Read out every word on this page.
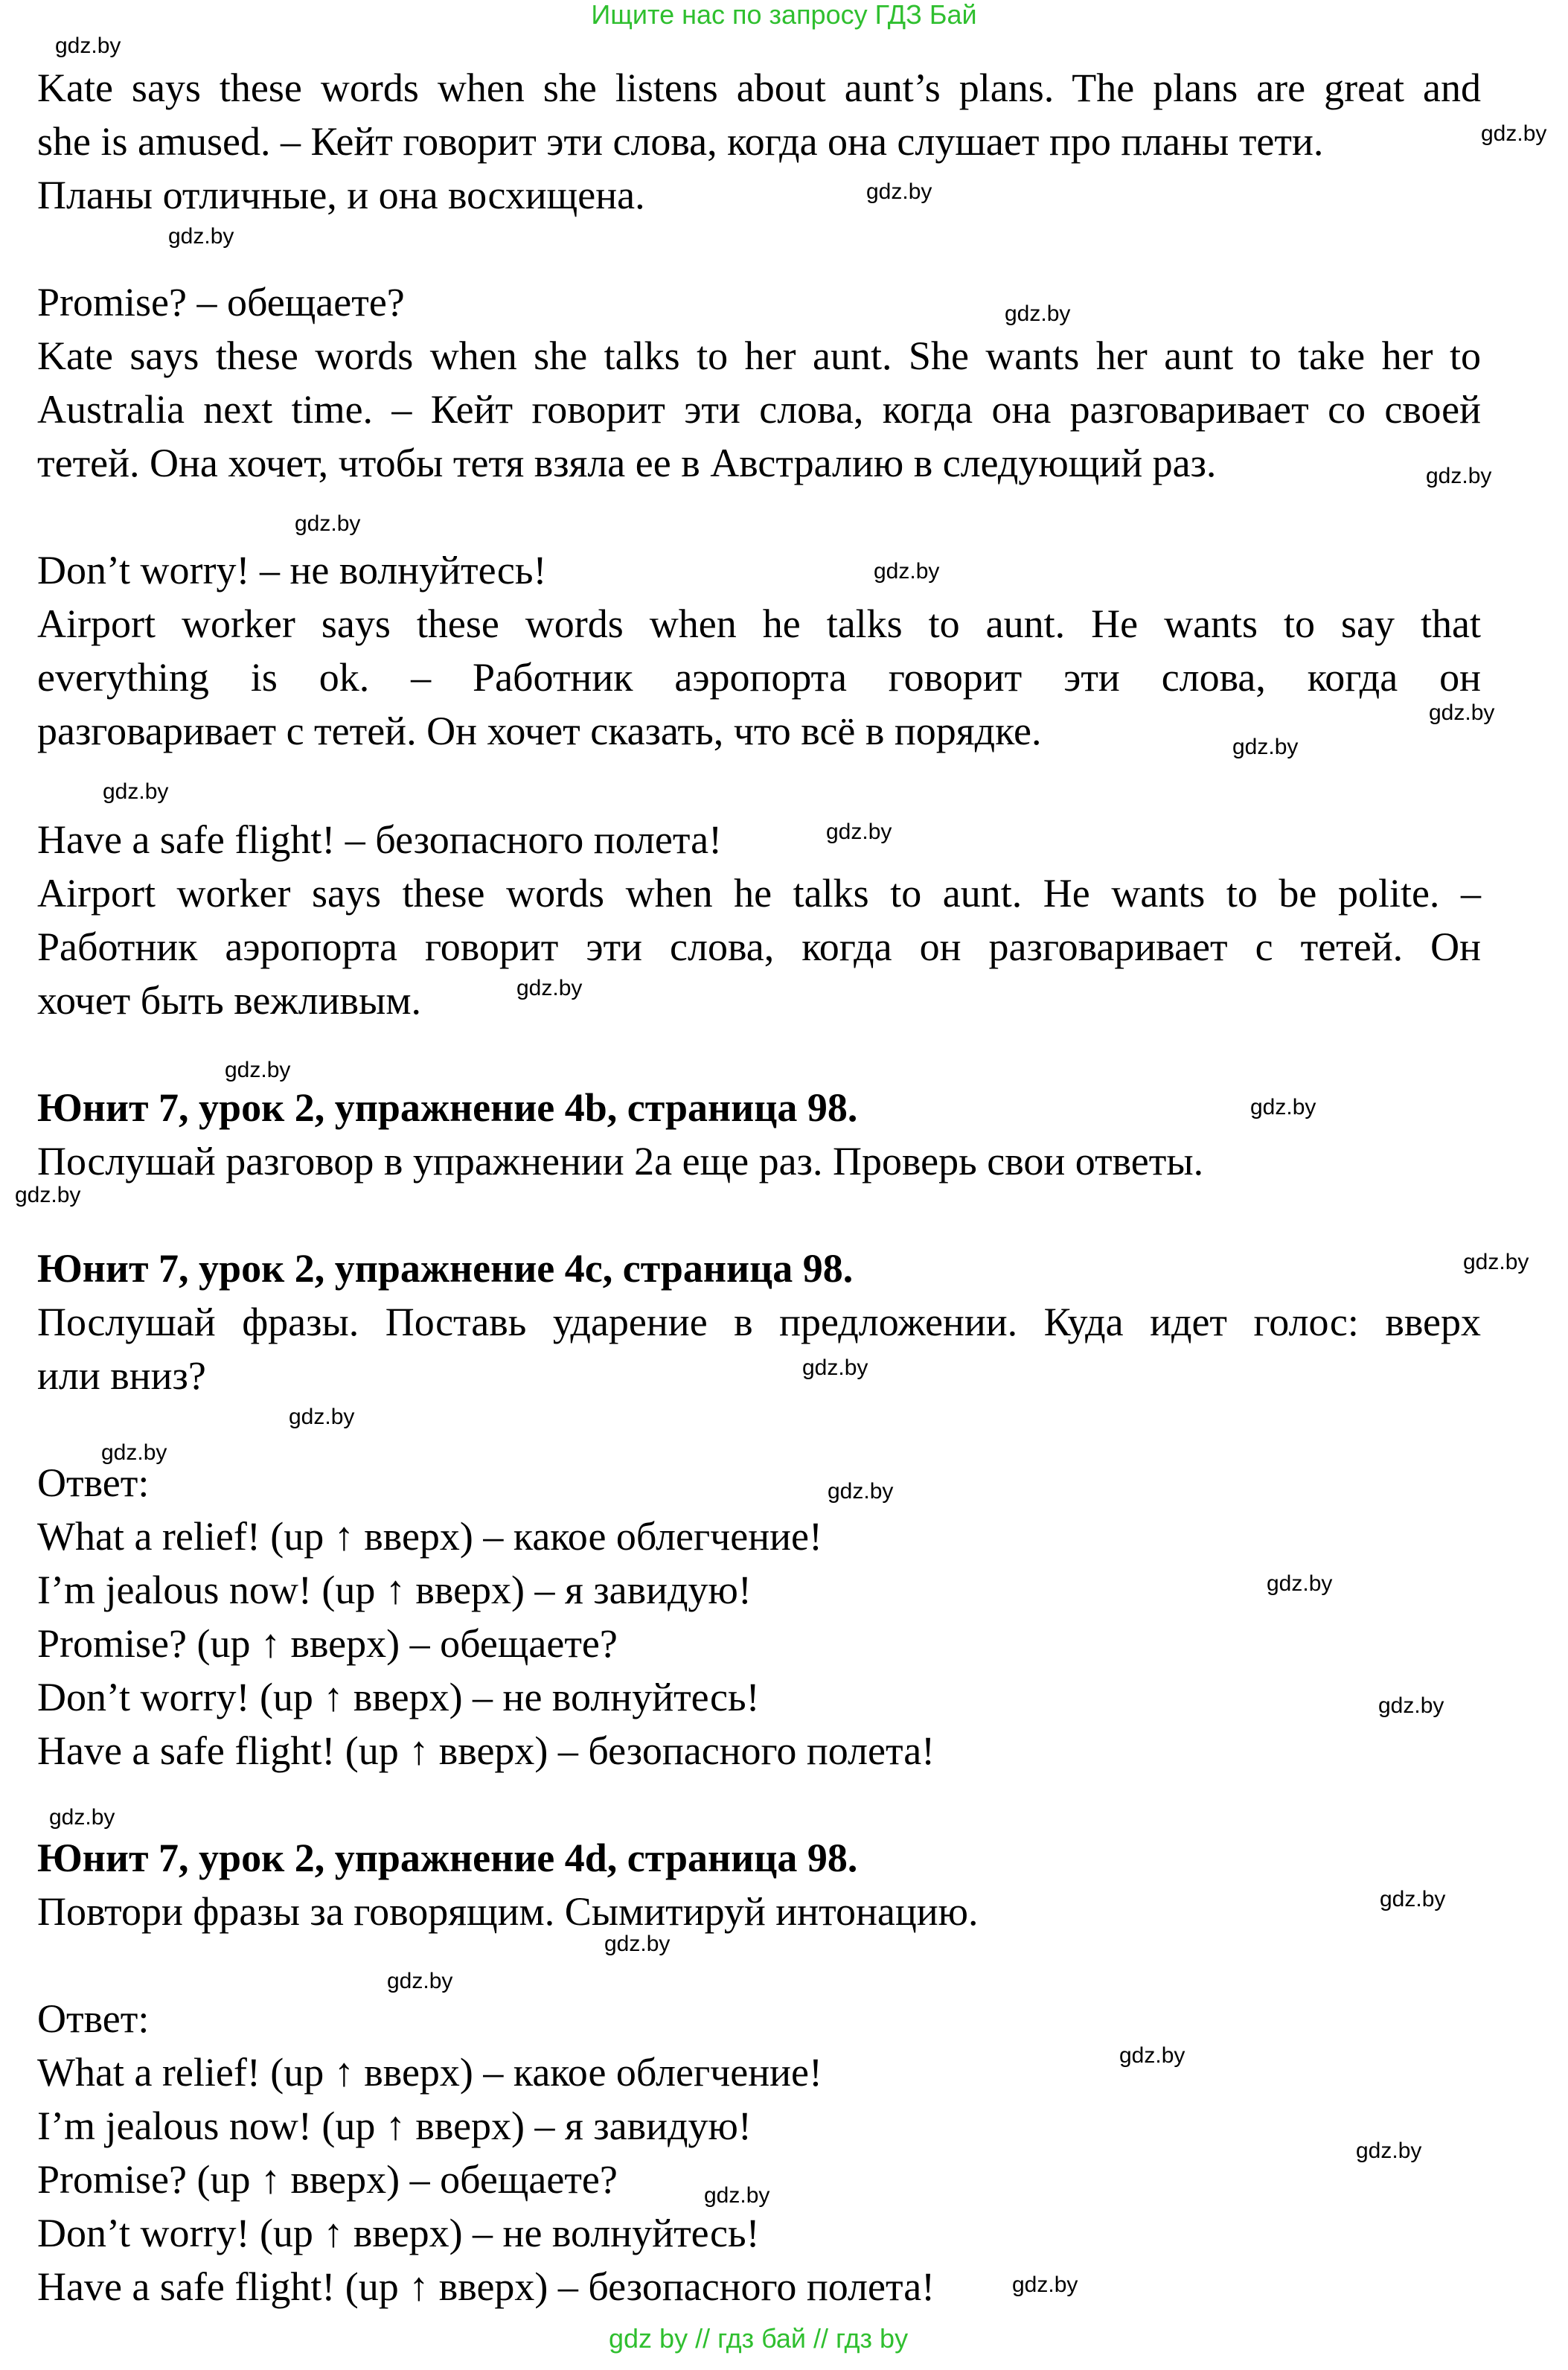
Ищите нас по запросу ГДЗ Бай
Kate says these words when she listens about aunt’s plans. The plans are great and
she is amused. – Кейт говорит эти слова, когда она слушает про планы тети.
Планы отличные, и она восхищена.
Promise? – обещаете?
Kate says these words when she talks to her aunt. She wants her aunt to take her to
Australia next time. – Кейт говорит эти слова, когда она разговаривает со своей
тетей. Она хочет, чтобы тетя взяла ее в Австралию в следующий раз.
Don’t worry! – не волнуйтесь!
Airport worker says these words when he talks to aunt. He wants to say that
everything is ok. – Работник аэропорта говорит эти слова, когда он
разговаривает с тетей. Он хочет сказать, что всё в порядке.
Have a safe flight! – безопасного полета!
Airport worker says these words when he talks to aunt. He wants to be polite. –
Работник аэропорта говорит эти слова, когда он разговаривает с тетей. Он
хочет быть вежливым.
Юнит 7, урок 2, упражнение 4b, страница 98.
Послушай разговор в упражнении 2а еще раз. Проверь свои ответы.
Юнит 7, урок 2, упражнение 4c, страница 98.
Послушай фразы. Поставь ударение в предложении. Куда идет голос: вверх
или вниз?
Ответ:
What a relief! (up ↑ вверх) – какое облегчение!
I’m jealous now! (up ↑ вверх) – я завидую!
Promise? (up ↑ вверх) – обещаете?
Don’t worry! (up ↑ вверх) – не волнуйтесь!
Have a safe flight! (up ↑ вверх) – безопасного полета!
Юнит 7, урок 2, упражнение 4d, страница 98.
Повтори фразы за говорящим. Сымитируй интонацию.
Ответ:
What a relief! (up ↑ вверх) – какое облегчение!
I’m jealous now! (up ↑ вверх) – я завидую!
Promise? (up ↑ вверх) – обещаете?
Don’t worry! (up ↑ вверх) – не волнуйтесь!
Have a safe flight! (up ↑ вверх) – безопасного полета!
gdz.by
gdz.by
gdz.by
gdz.by
gdz.by
gdz.by
gdz.by
gdz.by
gdz.by
gdz.by
gdz.by
gdz.by
gdz.by
gdz.by
gdz.by
gdz.by
gdz.by
gdz.by
gdz.by
gdz.by
gdz.by
gdz.by
gdz.by
gdz.by
gdz.by
gdz.by
gdz.by
gdz.by
gdz.by
gdz.by
gdz.by
gdz by // гдз бай // гдз by
